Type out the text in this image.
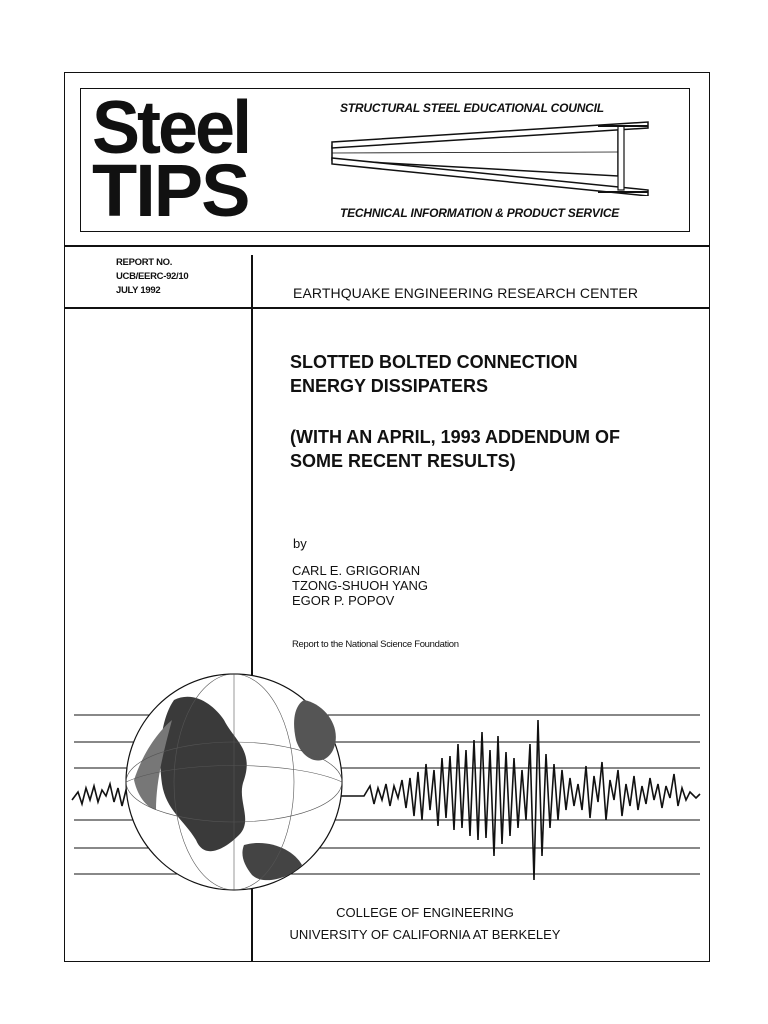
Steel
TIPS
STRUCTURAL STEEL EDUCATIONAL COUNCIL
TECHNICAL INFORMATION & PRODUCT SERVICE
REPORT NO.
UCB/EERC-92/10
JULY 1992	EARTHQUAKE ENGINEERING RESEARCH CENTER
SLOTTED BOLTED CONNECTION
ENERGY DISSIPATERS
(WITH AN APRIL, 1993 ADDENDUM OF
SOME RECENT RESULTS)
by
CARL E. GRIGORIAN
TZONG-SHUOH YANG
EGOR P. POPOV
Report to the National Science Foundation
COLLEGE OF ENGINEERING
UNIVERSITY OF CALIFORNIA AT BERKELEY
